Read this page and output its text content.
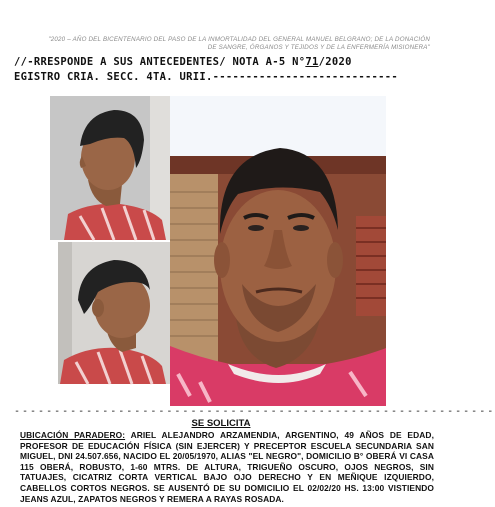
"2020 – AÑO DEL BICENTENARIO DEL PASO DE LA INMORTALIDAD DEL GENERAL MANUEL BELGRANO; DE LA DONACIÓN DE SANGRE, ÓRGANOS Y TEJIDOS Y DE LA ENFERMERÍA MISIONERA"
//-RRESPONDE A SUS ANTECEDENTES/ NOTA A-5 N°71/2020
EGISTRO CRIA. SECC. 4TA. URII.----------------------------
------------------------------------------------------------
SE SOLICITA
UBICACIÓN PARADERO: ARIEL ALEJANDRO ARZAMENDIA, ARGENTINO, 49 AÑOS DE EDAD, PROFESOR DE EDUCACIÓN FÍSICA (SIN EJERCER) Y PRECEPTOR ESCUELA SECUNDARIA SAN MIGUEL, DNI 24.507.656, NACIDO EL 20/05/1970, ALIAS "EL NEGRO", DOMICILIO B° OBERÁ VI CASA 115 OBERÁ, ROBUSTO, 1-60 MTRS. DE ALTURA, TRIGUEÑO OSCURO, OJOS NEGROS, SIN TATUAJES, CICATRIZ CORTA VERTICAL BAJO OJO DERECHO Y EN MEÑIQUE IZQUIERDO, CABELLOS CORTOS NEGROS. SE AUSENTÓ DE SU DOMICILIO EL 02/02/20 HS. 13:00 VISTIENDO JEANS AZUL, ZAPATOS NEGROS Y REMERA A RAYAS ROSADA.
